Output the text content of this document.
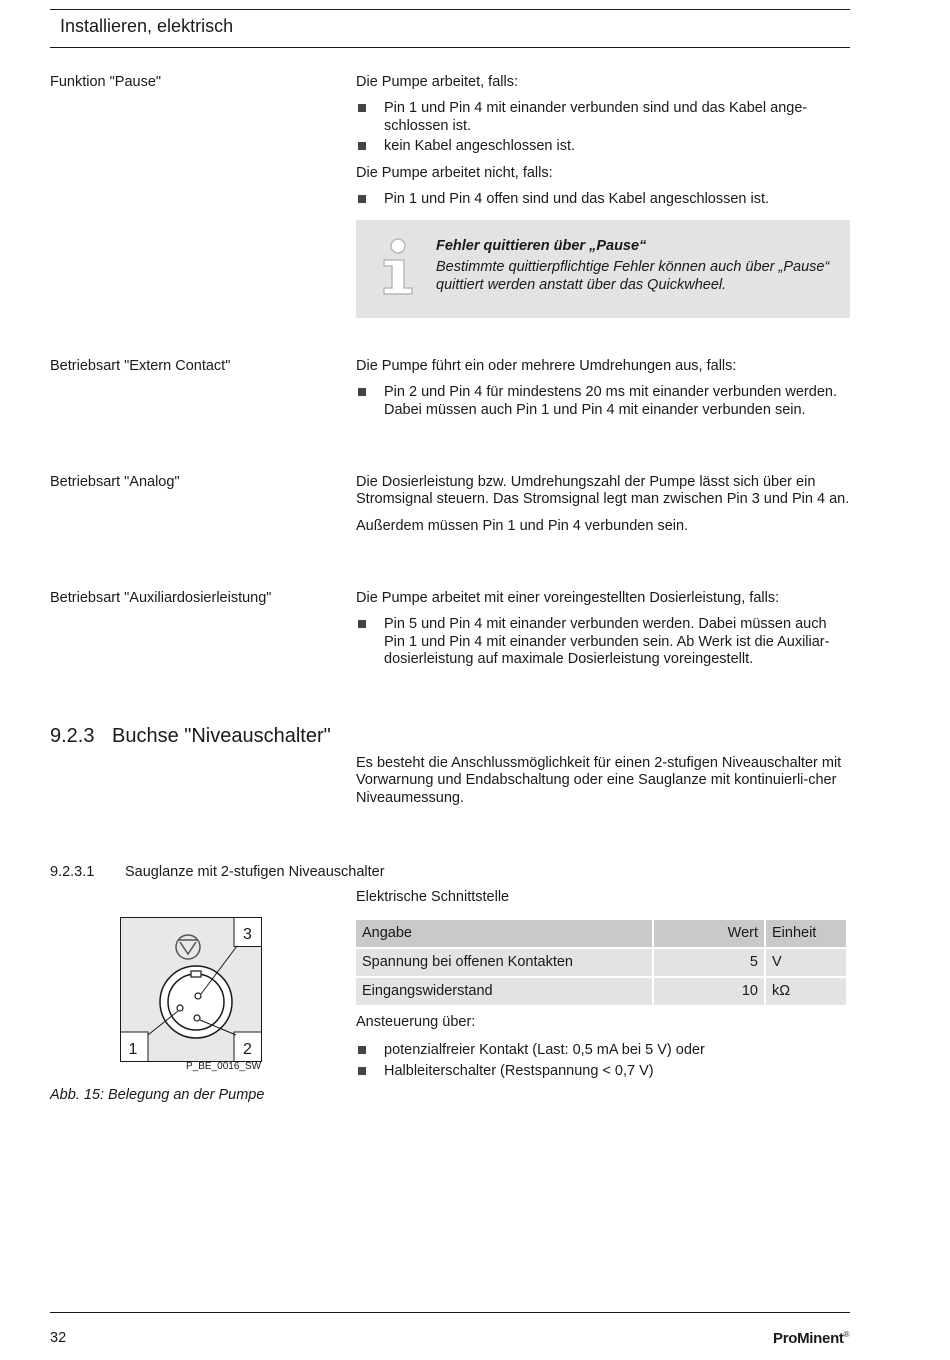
Installieren, elektrisch
Funktion "Pause"	Die Pumpe arbeitet, falls:

Pin 1 und Pin 4 mit einander verbunden sind und das Kabel ange-schlossen ist.
kein Kabel angeschlossen ist.

Die Pumpe arbeitet nicht, falls:

Pin 1 und Pin 4 offen sind und das Kabel angeschlossen ist.
Fehler quittieren über „Pause“
Bestimmte quittierpflichtige Fehler können auch über „Pause“ quittiert werden anstatt über das Quickwheel.
Betriebsart "Extern Contact"	Die Pumpe führt ein oder mehrere Umdrehungen aus, falls:

Pin 2 und Pin 4 für mindestens 20 ms mit einander verbunden werden. Dabei müssen auch Pin 1 und Pin 4 mit einander verbunden sein.
Betriebsart "Analog"	Die Dosierleistung bzw. Umdrehungszahl der Pumpe lässt sich über ein Stromsignal steuern. Das Stromsignal legt man zwischen Pin 3 und Pin 4 an.

Außerdem müssen Pin 1 und Pin 4 verbunden sein.

Betriebsart "Auxiliardosierleistung"	Die Pumpe arbeitet mit einer voreingestellten Dosierleistung, falls:

Pin 5 und Pin 4 mit einander verbunden werden. Dabei müssen auch Pin 1 und Pin 4 mit einander verbunden sein. Ab Werk ist die Auxiliar-dosierleistung auf maximale Dosierleistung voreingestellt.
9.2.3 Buchse "Niveauschalter"

Es besteht die Anschlussmöglichkeit für einen 2-stufigen Niveauschalter mit Vorwarnung und Endabschaltung oder eine Sauglanze mit kontinuierli-cher Niveaumessung.

9.2.3.1 Sauglanze mit 2-stufigen Niveauschalter
Elektrische Schnittstelle
Angabe	Wert	Einheit
Spannung bei offenen Kontakten	5	V
Eingangswiderstand	10	kΩ

Ansteuerung über:

potenzialfreier Kontakt (Last: 0,5 mA bei 5 V) oder
Halbleiterschalter (Restspannung < 0,7 V)
3
1	2
P_BE_0016_SW
Abb. 15: Belegung an der Pumpe
32	ProMinent®
